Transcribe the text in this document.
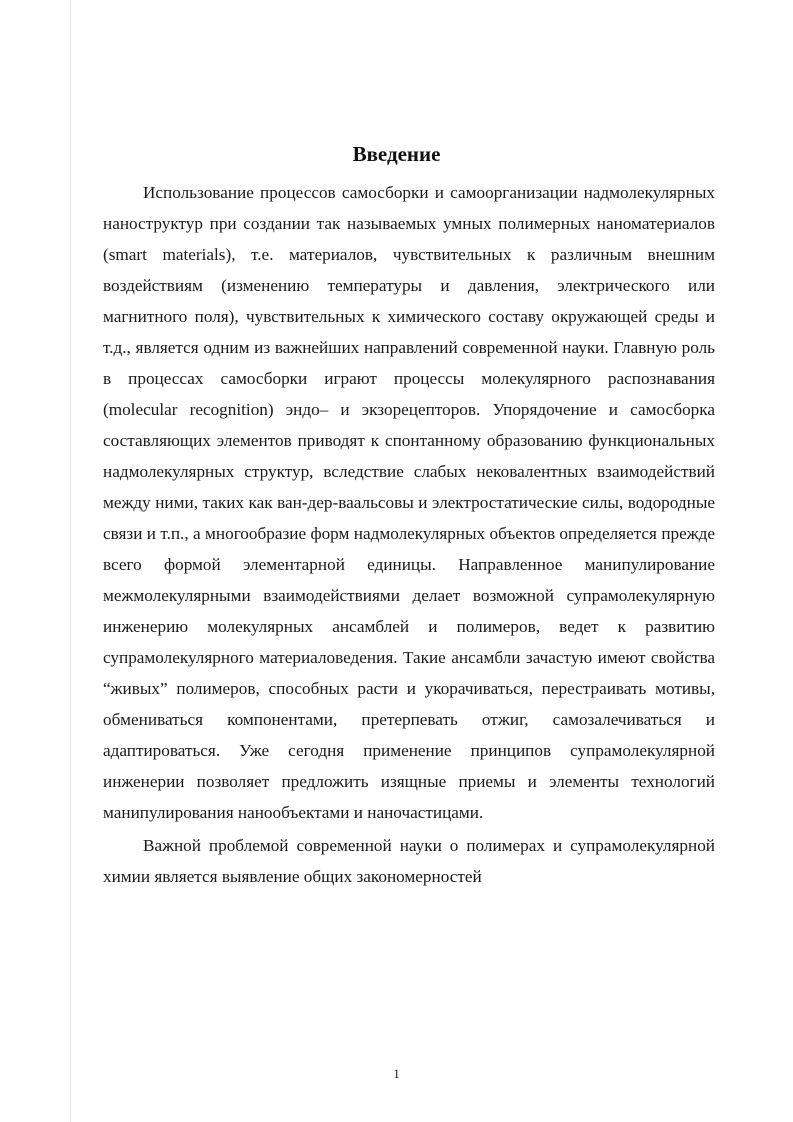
Введение

Использование процессов самосборки и самоорганизации надмолекулярных наноструктур при создании так называемых умных полимерных наноматериалов (smart materials), т.е. материалов, чувствительных к различным внешним воздействиям (изменению температуры и давления, электрического или магнитного поля), чувствительных к химического составу окружающей среды и т.д., является одним из важнейших направлений современной науки. Главную роль в процессах самосборки играют процессы молекулярного распознавания (molecular recognition) эндо– и экзорецепторов. Упорядочение и самосборка составляющих элементов приводят к спонтанному образованию функциональных надмолекулярных структур, вследствие слабых нековалентных взаимодействий между ними, таких как ван-дер-ваальсовы и электростатические силы, водородные связи и т.п., а многообразие форм надмолекулярных объектов определяется прежде всего формой элементарной единицы. Направленное манипулирование межмолекулярными взаимодействиями делает возможной супрамолекулярную инженерию молекулярных ансамблей и полимеров, ведет к развитию супрамолекулярного материаловедения. Такие ансамбли зачастую имеют свойства “живых” полимеров, способных расти и укорачиваться, перестраивать мотивы, обмениваться компонентами, претерпевать отжиг, самозалечиваться и адаптироваться. Уже сегодня применение принципов супрамолекулярной инженерии позволяет предложить изящные приемы и элементы технологий манипулирования нанообъектами и наночастицами.

Важной проблемой современной науки о полимерах и супрамолекулярной химии является выявление общих закономерностей

1
